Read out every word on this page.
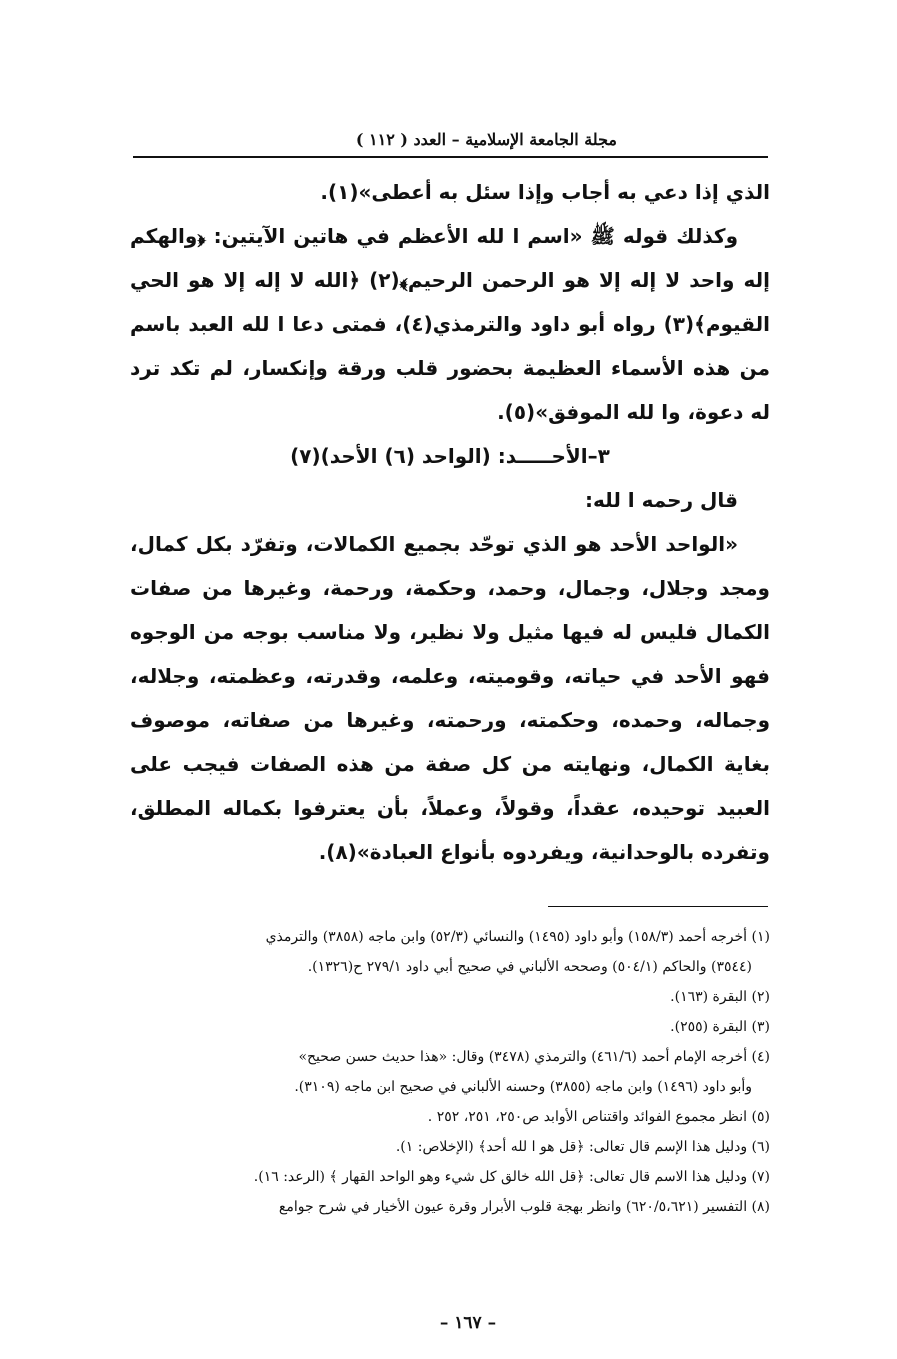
مجلة الجامعة الإسلامية – العدد ( ١١٢ )

الذي إذا دعي به أجاب وإذا سئل به أعطى»(١).

وكذلك قوله ﷺ «اسم ا لله الأعظم في هاتين الآيتين: ﴿والهكم إله واحد لا إله إلا هو الرحمن الرحيم﴾(٢) ﴿الله لا إله إلا هو الحي القيوم﴾(٣) رواه أبو داود والترمذي(٤)، فمتى دعا ا لله العبد باسم من هذه الأسماء العظيمة بحضور قلب ورقة وإنكسار، لم تكد ترد له دعوة، وا لله الموفق»(٥).

٣–الأحـــــد: (الواحد (٦) الأحد)(٧)

قال رحمه ا لله:

«الواحد الأحد هو الذي توحّد بجميع الكمالات، وتفرّد بكل كمال، ومجد وجلال، وجمال، وحمد، وحكمة، ورحمة، وغيرها من صفات الكمال فليس له فيها مثيل ولا نظير، ولا مناسب بوجه من الوجوه فهو الأحد في حياته، وقوميته، وعلمه، وقدرته، وعظمته، وجلاله، وجماله، وحمده، وحكمته، ورحمته، وغيرها من صفاته، موصوف بغاية الكمال، ونهايته من كل صفة من هذه الصفات فيجب على العبيد توحيده، عقداً، وقولاً، وعملاً، بأن يعترفوا بكماله المطلق، وتفرده بالوحدانية، ويفردوه بأنواع العبادة»(٨).

(١) أخرجه أحمد (١٥٨/٣) وأبو داود (١٤٩٥) والنسائي (٥٢/٣) وابن ماجه (٣٨٥٨) والترمذي

(٣٥٤٤) والحاكم (٥٠٤/١) وصححه الألباني في صحيح أبي داود ٢٧٩/١ ح(١٣٢٦).

(٢) البقرة (١٦٣).

(٣) البقرة (٢٥٥).

(٤) أخرجه الإمام أحمد (٤٦١/٦) والترمذي (٣٤٧٨) وقال: «هذا حديث حسن صحيح»

وأبو داود (١٤٩٦) وابن ماجه (٣٨٥٥) وحسنه الألباني في صحيح ابن ماجه (٣١٠٩).

(٥) انظر مجموع الفوائد واقتناص الأوابد ص٢٥٠، ٢٥١، ٢٥٢ .

(٦) ودليل هذا الإسم قال تعالى: ﴿قل هو ا لله أحد﴾ (الإخلاص: ١).

(٧) ودليل هذا الاسم قال تعالى: ﴿قل الله خالق كل شيء وهو الواحد القهار ﴾ (الرعد: ١٦).

(٨) التفسير (٦٢٠/٥،٦٢١) وانظر بهجة قلوب الأبرار وقرة عيون الأخيار في شرح جوامع

– ١٦٧ –
